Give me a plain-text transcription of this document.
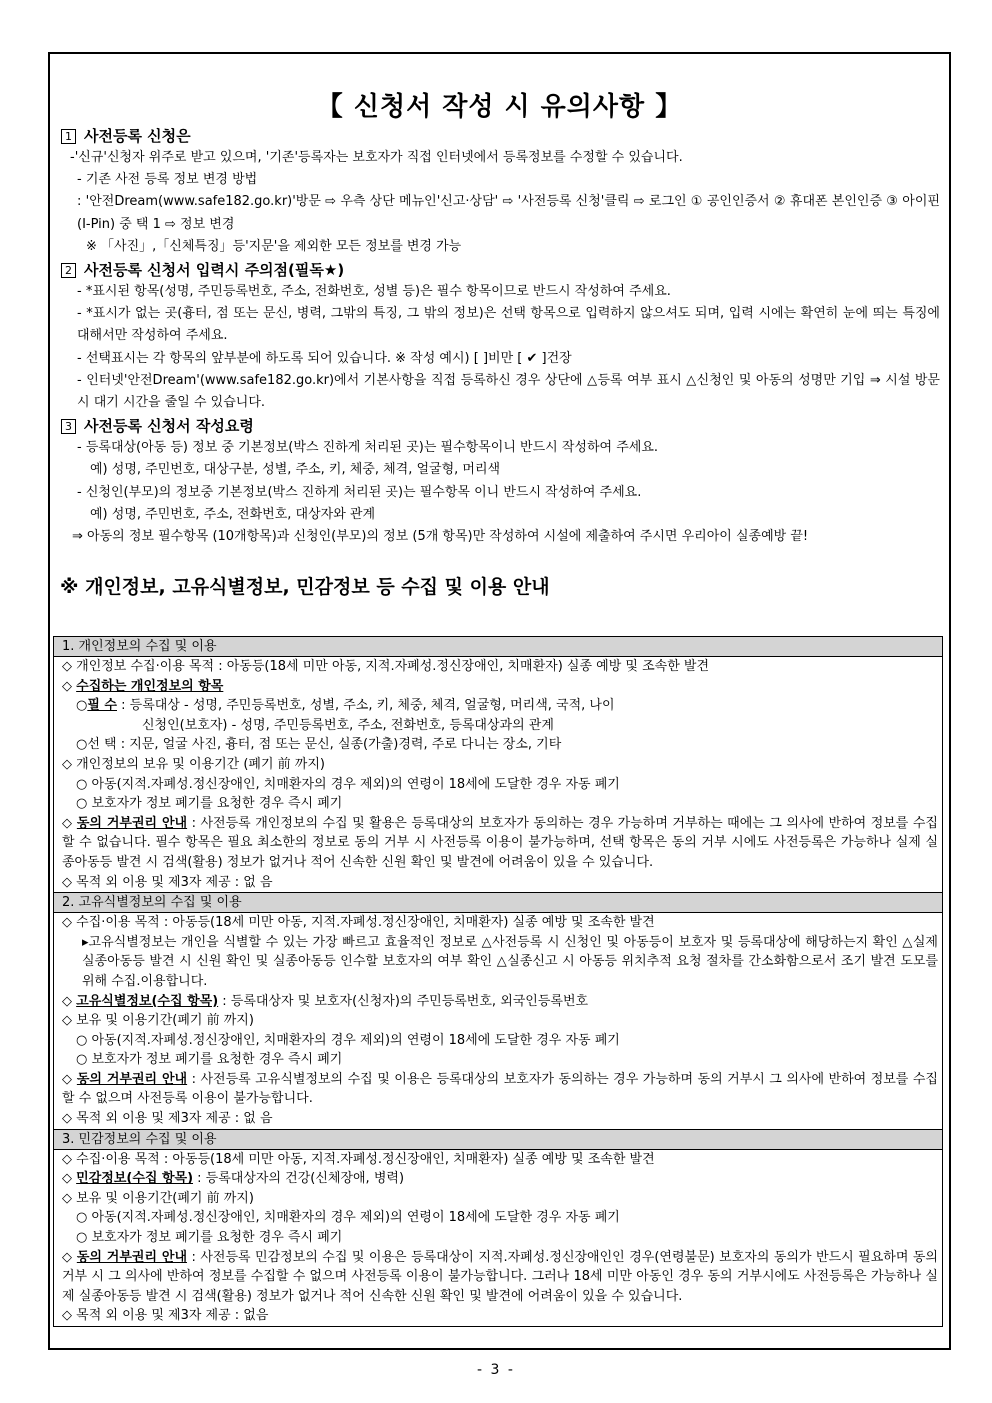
【 신청서 작성 시 유의사항 】
1 사전등록 신청은
-'신규'신청자 위주로 받고 있으며, '기존'등록자는 보호자가 직접 인터넷에서 등록정보를 수정할 수 있습니다.
- 기존 사전 등록 정보 변경 방법
: '안전Dream(www.safe182.go.kr)'방문 ⇨ 우측 상단 메뉴인'신고·상담' ⇨ '사전등록 신청'클릭 ⇨ 로그인 ① 공인인증서 ② 휴대폰 본인인증 ③ 아이핀(I-Pin) 중 택 1 ⇨ 정보 변경
※ 「사진」,「신체특징」등'지문'을 제외한 모든 정보를 변경 가능
2 사전등록 신청서 입력시 주의점(필독★)
- *표시된 항목(성명, 주민등록번호, 주소, 전화번호, 성별 등)은 필수 항목이므로 반드시 작성하여 주세요.
- *표시가 없는 곳(흉터, 점 또는 문신, 병력, 그밖의 특징, 그 밖의 정보)은 선택 항목으로 입력하지 않으셔도 되며, 입력 시에는 확연히 눈에 띄는 특징에 대해서만 작성하여 주세요.
- 선택표시는 각 항목의 앞부분에 하도록 되어 있습니다. ※ 작성 예시) [ ]비만 [ ✔ ]건장
- 인터넷'안전Dream'(www.safe182.go.kr)에서 기본사항을 직접 등록하신 경우 상단에 △등록 여부 표시 △신청인 및 아동의 성명만 기입 ⇒ 시설 방문시 대기 시간을 줄일 수 있습니다.
3 사전등록 신청서 작성요령
- 등록대상(아동 등) 정보 중 기본정보(박스 진하게 처리된 곳)는 필수항목이니 반드시 작성하여 주세요.
예) 성명, 주민번호, 대상구분, 성별, 주소, 키, 체중, 체격, 얼굴형, 머리색
- 신청인(부모)의 정보중 기본정보(박스 진하게 처리된 곳)는 필수항목 이니 반드시 작성하여 주세요.
예) 성명, 주민번호, 주소, 전화번호, 대상자와 관계
⇒ 아동의 정보 필수항목 (10개항목)과 신청인(부모)의 정보 (5개 항목)만 작성하여 시설에 제출하여 주시면 우리아이 실종예방 끝!
※ 개인정보, 고유식별정보, 민감정보 등 수집 및 이용 안내
1. 개인정보의 수집 및 이용
◇ 개인정보 수집·이용 목적 : 아동등(18세 미만 아동, 지적.자폐성.정신장애인, 치매환자) 실종 예방 및 조속한 발견
◇ 수집하는 개인정보의 항목
○필 수 : 등록대상 - 성명, 주민등록번호, 성별, 주소, 키, 체중, 체격, 얼굴형, 머리색, 국적, 나이
신청인(보호자) - 성명, 주민등록번호, 주소, 전화번호, 등록대상과의 관계
○선 택 : 지문, 얼굴 사진, 흉터, 점 또는 문신, 실종(가출)경력, 주로 다니는 장소, 기타
◇ 개인정보의 보유 및 이용기간 (폐기 前 까지)
○ 아동(지적.자폐성.정신장애인, 치매환자의 경우 제외)의 연령이 18세에 도달한 경우 자동 폐기
○ 보호자가 정보 폐기를 요청한 경우 즉시 폐기
◇ 동의 거부권리 안내 : 사전등록 개인정보의 수집 및 활용은 등록대상의 보호자가 동의하는 경우 가능하며 거부하는 때에는 그 의사에 반하여 정보를 수집할 수 없습니다. 필수 항목은 필요 최소한의 정보로 동의 거부 시 사전등록 이용이 불가능하며, 선택 항목은 동의 거부 시에도 사전등록은 가능하나 실제 실종아동등 발견 시 검색(활용) 정보가 없거나 적어 신속한 신원 확인 및 발견에 어려움이 있을 수 있습니다.
◇ 목적 외 이용 및 제3자 제공 : 없 음
2. 고유식별정보의 수집 및 이용
◇ 수집·이용 목적 : 아동등(18세 미만 아동, 지적.자폐성.정신장애인, 치매환자) 실종 예방 및 조속한 발견
▸고유식별정보는 개인을 식별할 수 있는 가장 빠르고 효율적인 정보로 △사전등록 시 신청인 및 아동등이 보호자 및 등록대상에 해당하는지 확인 △실제 실종아동등 발견 시 신원 확인 및 실종아동등 인수할 보호자의 여부 확인 △실종신고 시 아동등 위치추적 요청 절차를 간소화함으로서 조기 발견 도모를 위해 수집.이용합니다.
◇ 고유식별정보(수집 항목) : 등록대상자 및 보호자(신청자)의 주민등록번호, 외국인등록번호
◇ 보유 및 이용기간(폐기 前 까지)
○ 아동(지적.자폐성.정신장애인, 치매환자의 경우 제외)의 연령이 18세에 도달한 경우 자동 폐기
○ 보호자가 정보 폐기를 요청한 경우 즉시 폐기
◇ 동의 거부권리 안내 : 사전등록 고유식별정보의 수집 및 이용은 등록대상의 보호자가 동의하는 경우 가능하며 동의 거부시 그 의사에 반하여 정보를 수집할 수 없으며 사전등록 이용이 불가능합니다.
◇ 목적 외 이용 및 제3자 제공 : 없 음
3. 민감정보의 수집 및 이용
◇ 수집·이용 목적 : 아동등(18세 미만 아동, 지적.자폐성.정신장애인, 치매환자) 실종 예방 및 조속한 발견
◇ 민감정보(수집 항목) : 등록대상자의 건강(신체장애, 병력)
◇ 보유 및 이용기간(폐기 前 까지)
○ 아동(지적.자폐성.정신장애인, 치매환자의 경우 제외)의 연령이 18세에 도달한 경우 자동 폐기
○ 보호자가 정보 폐기를 요청한 경우 즉시 폐기
◇ 동의 거부권리 안내 : 사전등록 민감정보의 수집 및 이용은 등록대상이 지적.자폐성.정신장애인인 경우(연령불문) 보호자의 동의가 반드시 필요하며 동의 거부 시 그 의사에 반하여 정보를 수집할 수 없으며 사전등록 이용이 불가능합니다. 그러나 18세 미만 아동인 경우 동의 거부시에도 사전등록은 가능하나 실제 실종아동등 발견 시 검색(활용) 정보가 없거나 적어 신속한 신원 확인 및 발견에 어려움이 있을 수 있습니다.
◇ 목적 외 이용 및 제3자 제공 : 없음
- 3 -
